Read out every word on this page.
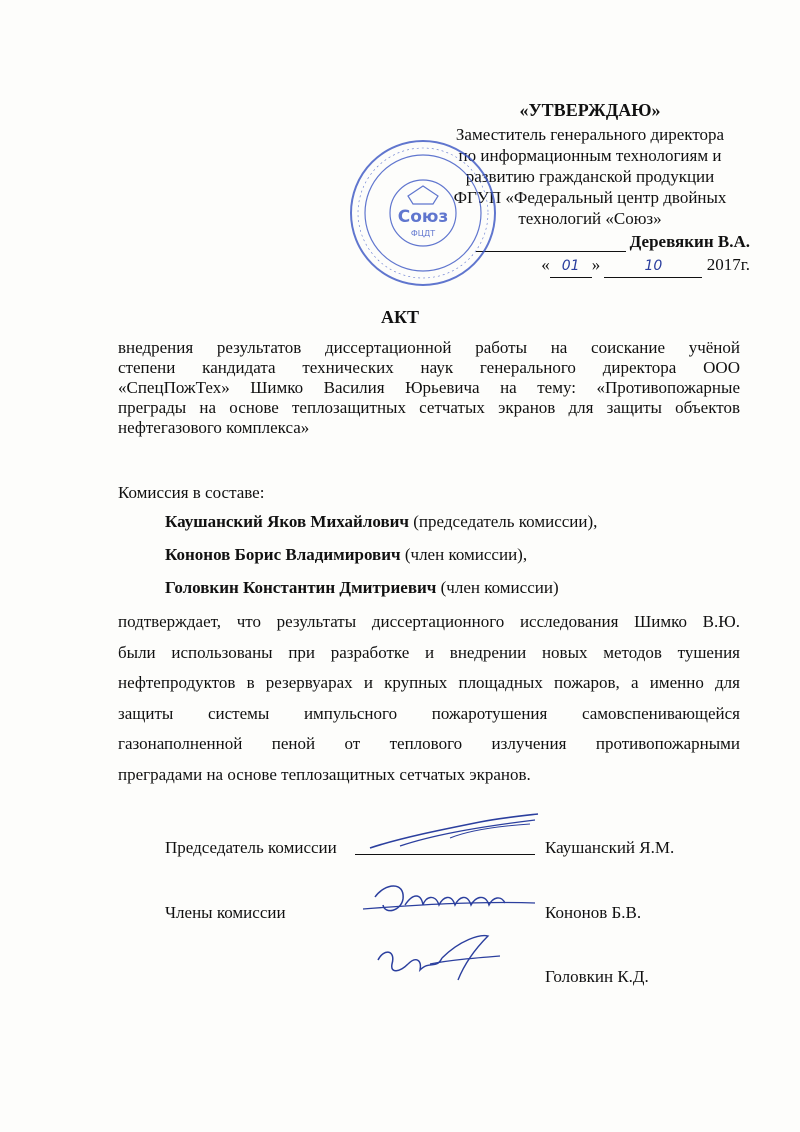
«УТВЕРЖДАЮ»
Заместитель генерального директора
по информационным технологиям и
развитию гражданской продукции
ФГУП «Федеральный центр двойных
технологий «Союз»
Деревякин В.А.
« 01 »	10	2017г.
Союз
ФЦДТ
АКТ
внедрения результатов диссертационной работы на соискание учёной
степени кандидата технических наук генерального директора ООО
«СпецПожТех» Шимко Василия Юрьевича на тему: «Противопожарные
преграды на основе теплозащитных сетчатых экранов для защиты объектов
нефтегазового комплекса»
Комиссия в составе:
Каушанский Яков Михайлович (председатель комиссии),
Кононов Борис Владимирович (член комиссии),
Головкин Константин Дмитриевич (член комиссии)
подтверждает, что результаты диссертационного исследования Шимко В.Ю.
были использованы при разработке и внедрении новых методов тушения
нефтепродуктов в резервуарах и крупных площадных пожаров, а именно для
защиты системы импульсного пожаротушения самовспенивающейся
газонаполненной пеной от теплового излучения противопожарными
преградами на основе теплозащитных сетчатых экранов.
Председатель комиссии	Каушанский Я.М.
Члены комиссии	Кононов Б.В.
Головкин К.Д.
